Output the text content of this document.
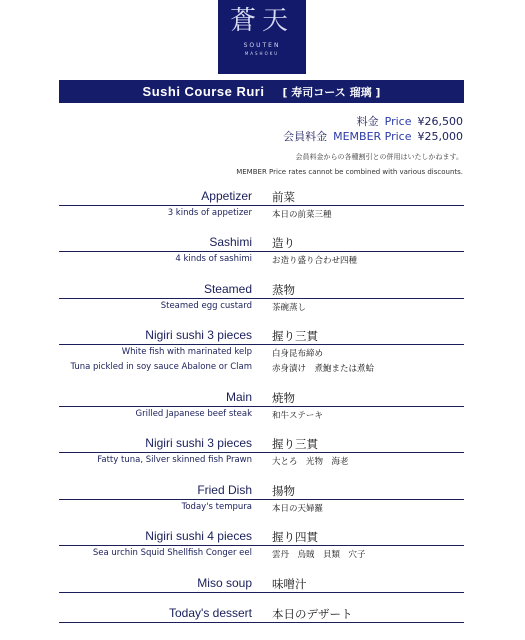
蒼天
SOUTEN
MASHOKU
Sushi Course Ruri [ 寿司コース 瑠璃 ]
料金 Price ¥26,500
会員料金 MEMBER Price ¥25,000
会員料金からの各種割引との併用はいたしかねます。
MEMBER Price rates cannot be combined with various discounts.
Appetizer 前菜
3 kinds of appetizer 本日の前菜三種
Sashimi 造り
4 kinds of sashimi お造り盛り合わせ四種
Steamed 蒸物
Steamed egg custard 茶碗蒸し
Nigiri sushi 3 pieces 握り三貫
White fish with marinated kelp 白身昆布締め
Tuna pickled in soy sauce Abalone or Clam 赤身漬け　煮鮑または煮蛤
Main 焼物
Grilled Japanese beef steak 和牛ステーキ
Nigiri sushi 3 pieces 握り三貫
Fatty tuna, Silver skinned fish Prawn 大とろ　光物　海老
Fried Dish 揚物
Today's tempura 本日の天婦羅
Nigiri sushi 4 pieces 握り四貫
Sea urchin Squid Shellfish Conger eel 雲丹　烏賊　貝類　穴子
Miso soup 味噌汁
Today's dessert 本日のデザート
